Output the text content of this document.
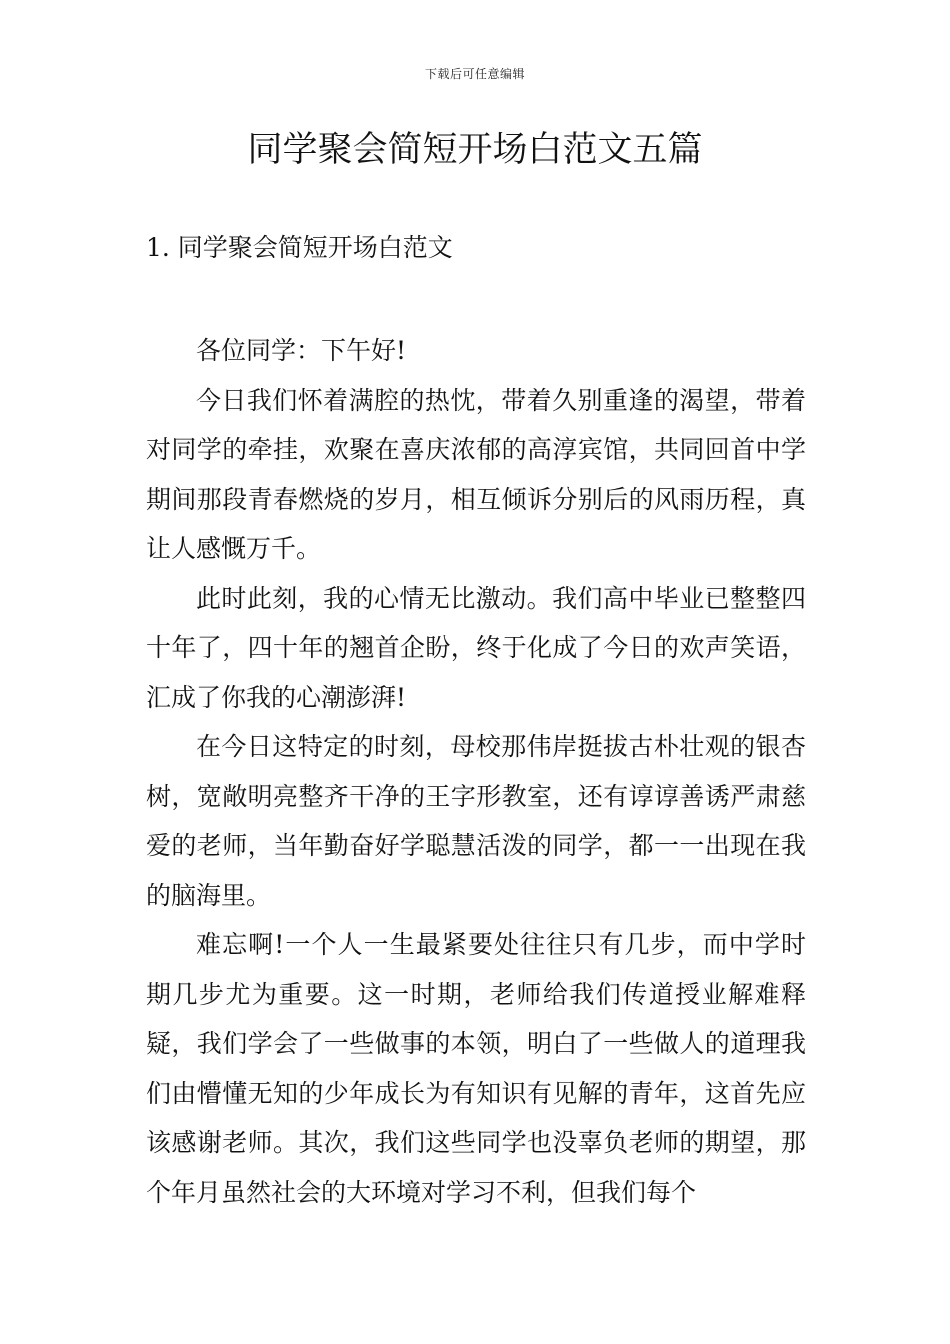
下载后可任意编辑
同学聚会简短开场白范文五篇
1. 同学聚会简短开场白范文

各位同学：下午好!

今日我们怀着满腔的热忱，带着久别重逢的渴望，带着对同学的牵挂，欢聚在喜庆浓郁的高淳宾馆，共同回首中学期间那段青春燃烧的岁月，相互倾诉分别后的风雨历程，真让人感慨万千。

此时此刻，我的心情无比激动。我们高中毕业已整整四十年了，四十年的翘首企盼，终于化成了今日的欢声笑语，汇成了你我的心潮澎湃!

在今日这特定的时刻，母校那伟岸挺拔古朴壮观的银杏树，宽敞明亮整齐干净的王字形教室，还有谆谆善诱严肃慈爱的老师，当年勤奋好学聪慧活泼的同学，都一一出现在我的脑海里。

难忘啊!一个人一生最紧要处往往只有几步，而中学时期几步尤为重要。这一时期，老师给我们传道授业解难释疑，我们学会了一些做事的本领，明白了一些做人的道理我们由懵懂无知的少年成长为有知识有见解的青年，这首先应该感谢老师。其次，我们这些同学也没辜负老师的期望，那个年月虽然社会的大环境对学习不利，但我们每个
